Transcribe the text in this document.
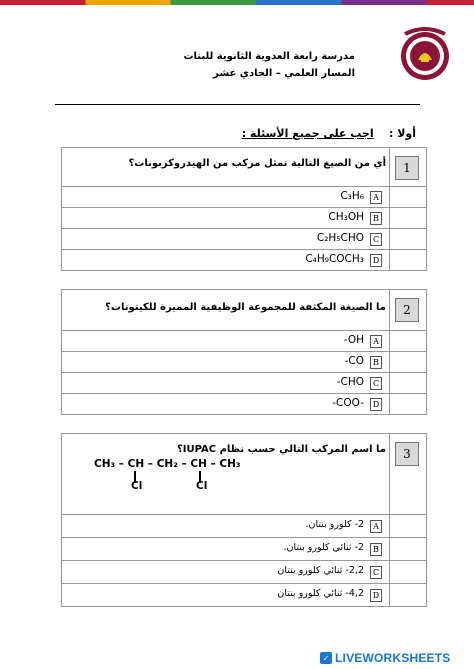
مدرسة رابعة العدوية الثانوية للبنات
المسار العلمي – الحادي عشر
أولا :    اجب على جميع الأسئلة :
1
أي من الصيغ التالية تمثل مركب من الهيدروكربونات؟
A
C₃H₆
B
CH₃OH
C
C₂H₅CHO
D
C₄H₉COCH₃
2
ما الصيغة المكثفة للمجموعة الوظيفية المميزة للكيتونات؟
A
-OH
B
-CO
C
-CHO
D
-COO-
3
ما اسم المركب التالي حسب نظام IUPAC؟
CH₃ – CH – CH₂ – CH – CH₃
Cl	Cl
A
2- كلورو بنتان.
B
2- ثنائي كلورو بنتان.
C
2,2- ثنائي كلورو بنتان
D
4,2- ثنائي كلورو بنتان
✓ LIVEWORKSHEETS
